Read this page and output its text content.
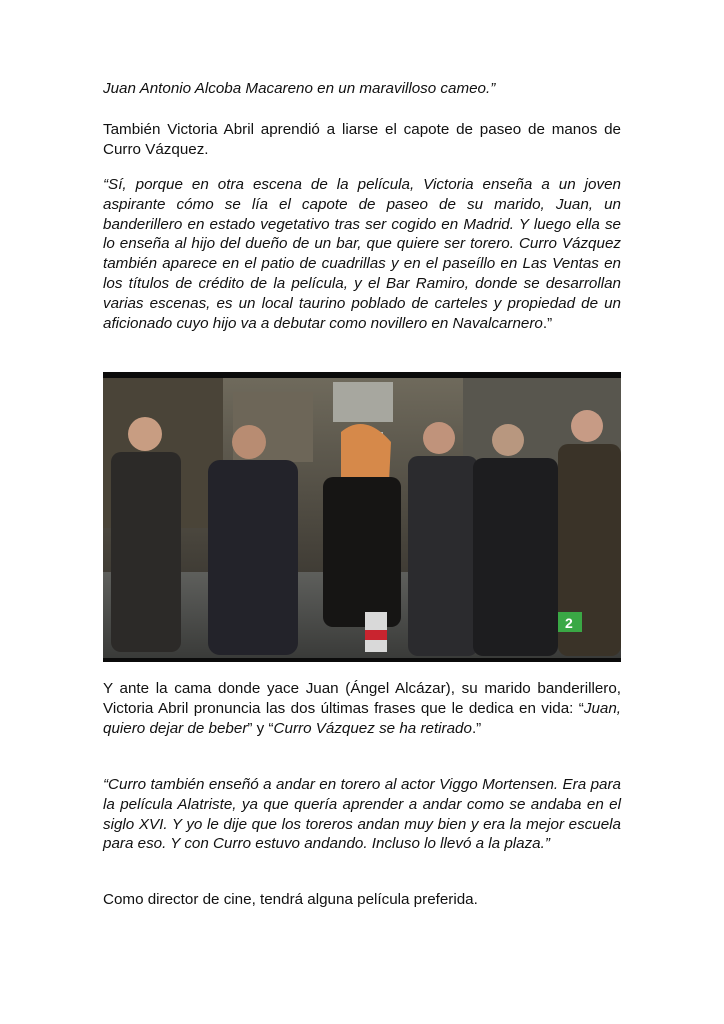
Juan Antonio Alcoba Macareno en un maravilloso cameo.”

También Victoria Abril aprendió a liarse el capote de paseo de manos de Curro Vázquez.

“Sí, porque en otra escena de la película, Victoria enseña a un joven aspirante cómo se lía el capote de paseo de su marido, Juan, un banderillero en estado vegetativo tras ser cogido en Madrid. Y luego ella se lo enseña al hijo del dueño de un bar, que quiere ser torero. Curro Vázquez también aparece en el patio de cuadrillas y en el paseíllo en Las Ventas en los títulos de crédito de la película, y el Bar Ramiro, donde se desarrollan varias escenas, es un local taurino poblado de carteles y propiedad de un aficionado cuyo hijo va a debutar como novillero en Navalcarnero.”

2

Y ante la cama donde yace Juan (Ángel Alcázar), su marido banderillero, Victoria Abril pronuncia las dos últimas frases que le dedica en vida: “Juan, quiero dejar de beber” y “Curro Vázquez se ha retirado.”

“Curro también enseñó a andar en torero al actor Viggo Mortensen. Era para la película Alatriste, ya que quería aprender a andar como se andaba en el siglo XVI. Y yo le dije que los toreros andan muy bien y era la mejor escuela para eso. Y con Curro estuvo andando. Incluso lo llevó a la plaza.”

Como director de cine, tendrá alguna película preferida.
